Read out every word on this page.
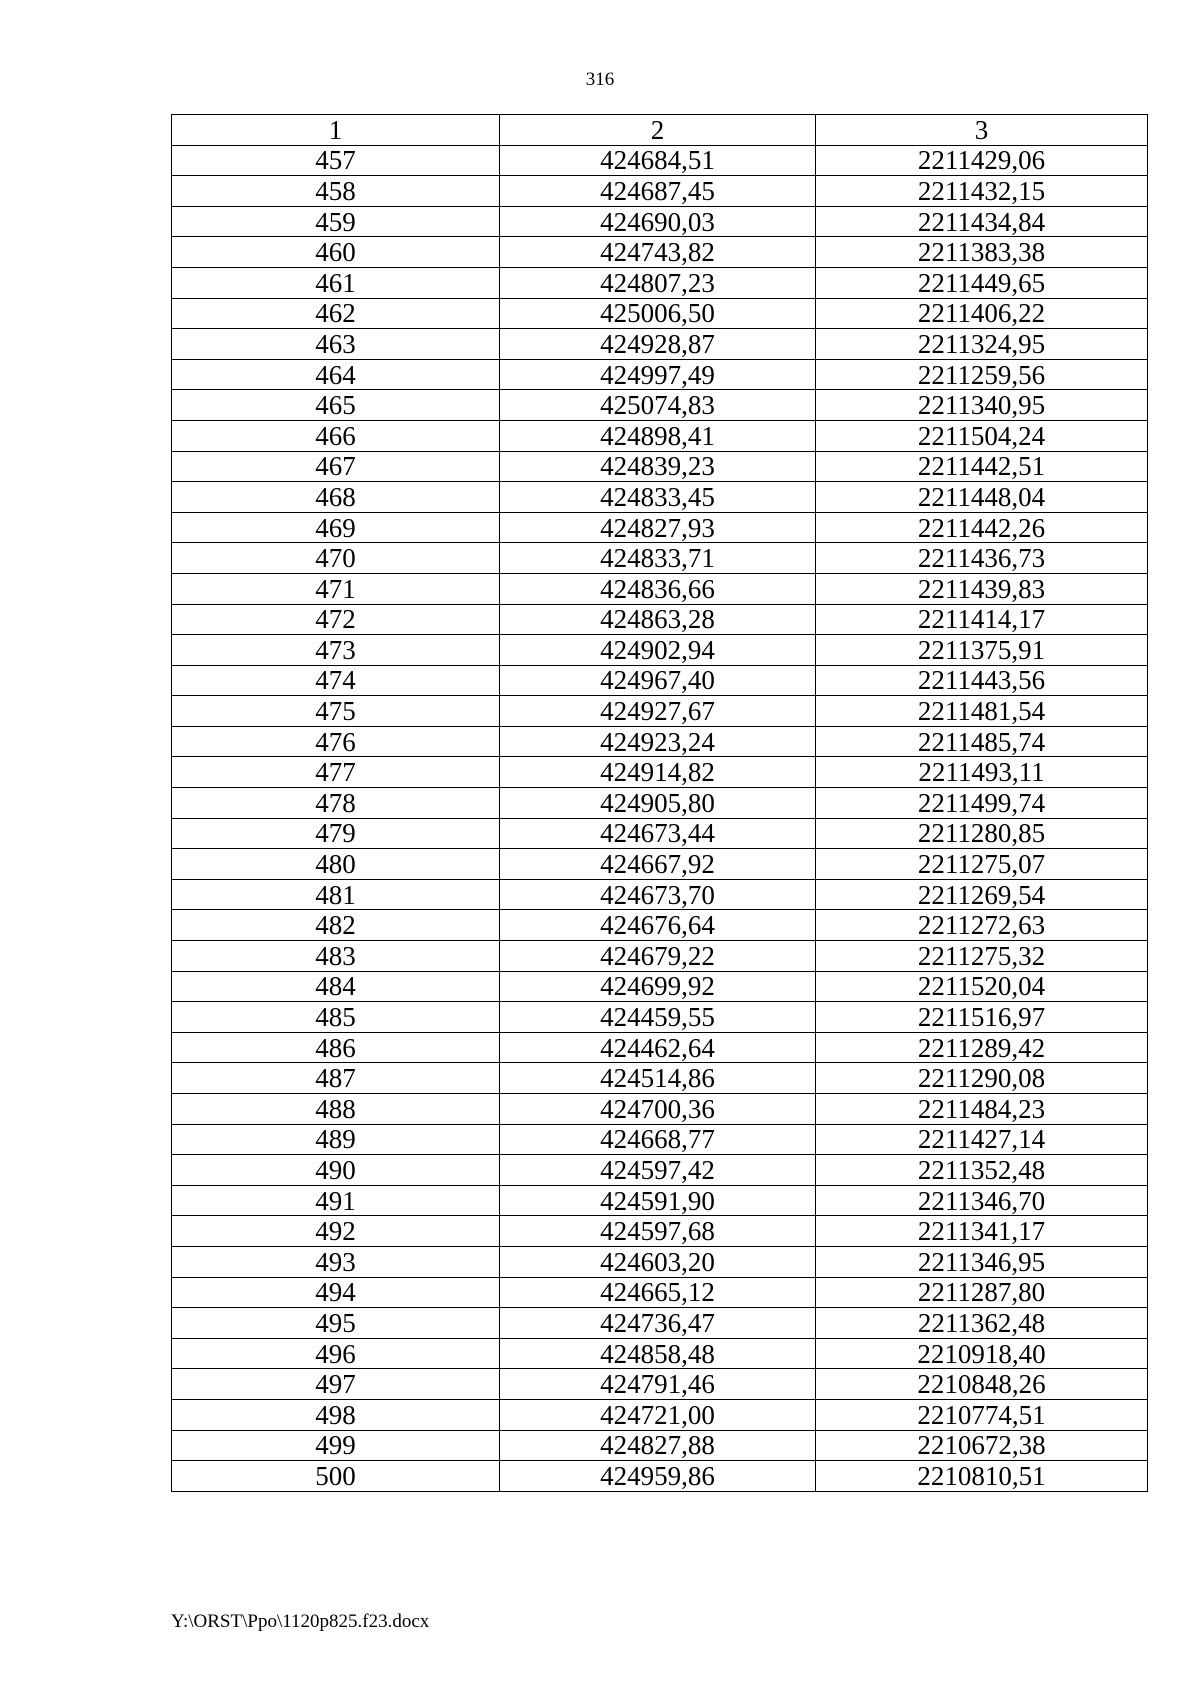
316
1	2	3
457	424684,51	2211429,06
458	424687,45	2211432,15
459	424690,03	2211434,84
460	424743,82	2211383,38
461	424807,23	2211449,65
462	425006,50	2211406,22
463	424928,87	2211324,95
464	424997,49	2211259,56
465	425074,83	2211340,95
466	424898,41	2211504,24
467	424839,23	2211442,51
468	424833,45	2211448,04
469	424827,93	2211442,26
470	424833,71	2211436,73
471	424836,66	2211439,83
472	424863,28	2211414,17
473	424902,94	2211375,91
474	424967,40	2211443,56
475	424927,67	2211481,54
476	424923,24	2211485,74
477	424914,82	2211493,11
478	424905,80	2211499,74
479	424673,44	2211280,85
480	424667,92	2211275,07
481	424673,70	2211269,54
482	424676,64	2211272,63
483	424679,22	2211275,32
484	424699,92	2211520,04
485	424459,55	2211516,97
486	424462,64	2211289,42
487	424514,86	2211290,08
488	424700,36	2211484,23
489	424668,77	2211427,14
490	424597,42	2211352,48
491	424591,90	2211346,70
492	424597,68	2211341,17
493	424603,20	2211346,95
494	424665,12	2211287,80
495	424736,47	2211362,48
496	424858,48	2210918,40
497	424791,46	2210848,26
498	424721,00	2210774,51
499	424827,88	2210672,38
500	424959,86	2210810,51
Y:\ORST\Ppo\1120p825.f23.docx
